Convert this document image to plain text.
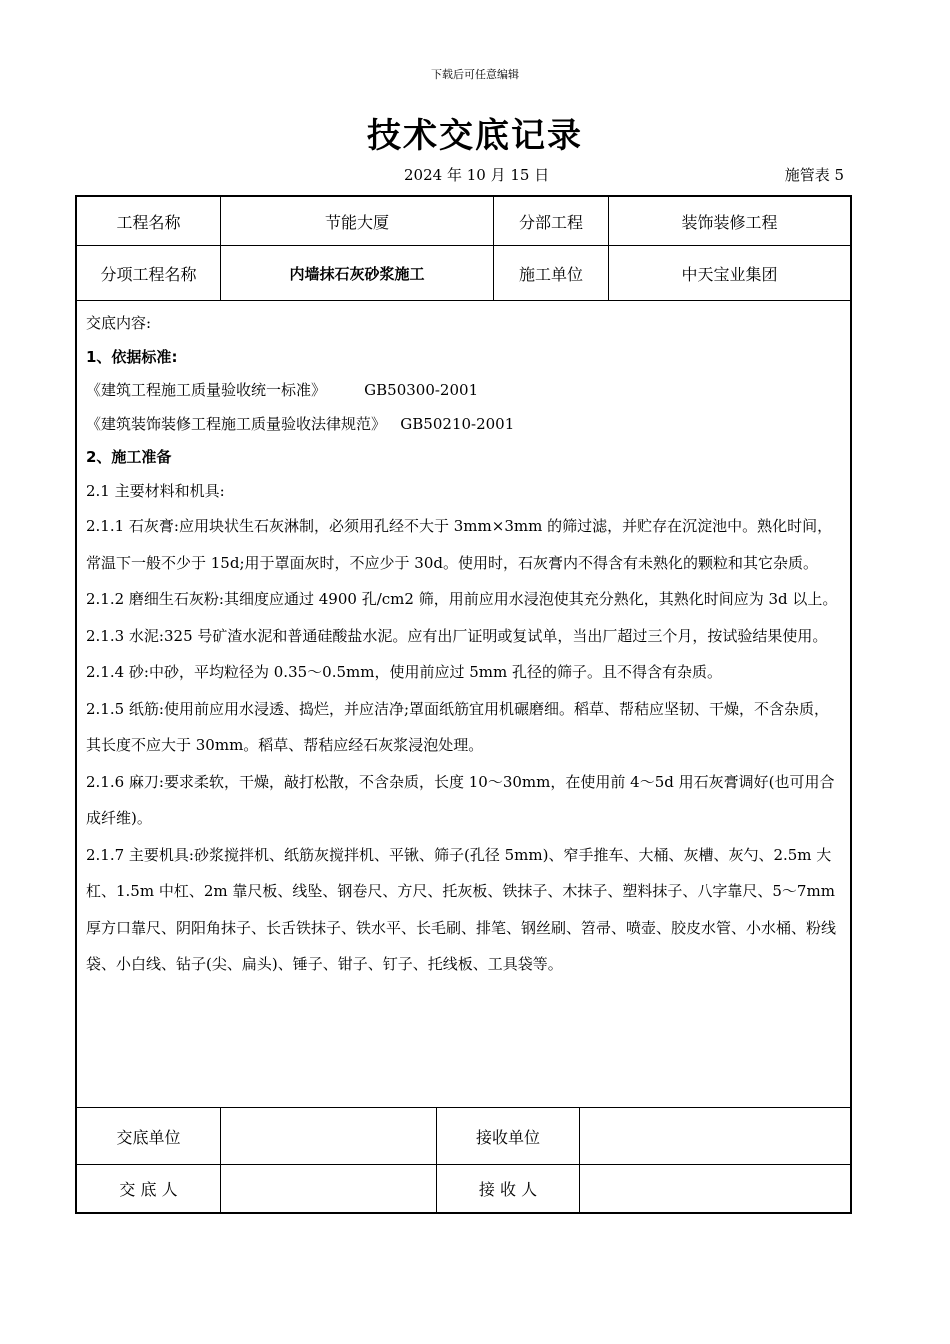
下载后可任意编辑
技术交底记录
2024 年 10 月 15 日	施管表 5
工程名称	节能大厦	分部工程	装饰装修工程
分项工程名称	内墙抹石灰砂浆施工	施工单位	中天宝业集团

交底内容:

1、依据标准:

《建筑工程施工质量验收统一标准》        GB50300-2001

《建筑装饰装修工程施工质量验收法律规范》   GB50210-2001

2、施工准备

2.1 主要材料和机具:

2.1.1 石灰膏:应用块状生石灰淋制，必须用孔经不大于 3mm×3mm 的筛过滤，并贮存在沉淀池中。熟化时间，常温下一般不少于 15d;用于罩面灰时，不应少于 30d。使用时，石灰膏内不得含有未熟化的颗粒和其它杂质。

2.1.2 磨细生石灰粉:其细度应通过 4900 孔/cm2 筛，用前应用水浸泡使其充分熟化，其熟化时间应为 3d 以上。

2.1.3 水泥:325 号矿渣水泥和普通硅酸盐水泥。应有出厂证明或复试单，当出厂超过三个月，按试验结果使用。

2.1.4 砂:中砂，平均粒径为 0.35～0.5mm，使用前应过 5mm 孔径的筛子。且不得含有杂质。

2.1.5 纸筋:使用前应用水浸透、捣烂，并应洁净;罩面纸筋宜用机碾磨细。稻草、帮秸应坚韧、干燥，不含杂质，其长度不应大于 30mm。稻草、帮秸应经石灰浆浸泡处理。

2.1.6 麻刀:要求柔软，干燥，敲打松散，不含杂质，长度 10～30mm，在使用前 4～5d 用石灰膏调好(也可用合成纤维)。

2.1.7 主要机具:砂浆搅拌机、纸筋灰搅拌机、平锹、筛子(孔径 5mm)、窄手推车、大桶、灰槽、灰勺、2.5m 大杠、1.5m 中杠、2m 靠尺板、线坠、钢卷尺、方尺、托灰板、铁抹子、木抹子、塑料抹子、八字靠尺、5～7mm 厚方口靠尺、阴阳角抹子、长舌铁抹子、铁水平、长毛刷、排笔、钢丝刷、笤帚、喷壶、胶皮水管、小水桶、粉线袋、小白线、钻子(尖、扁头)、锤子、钳子、钉子、托线板、工具袋等。

交底单位	接收单位
交 底 人	接 收 人
